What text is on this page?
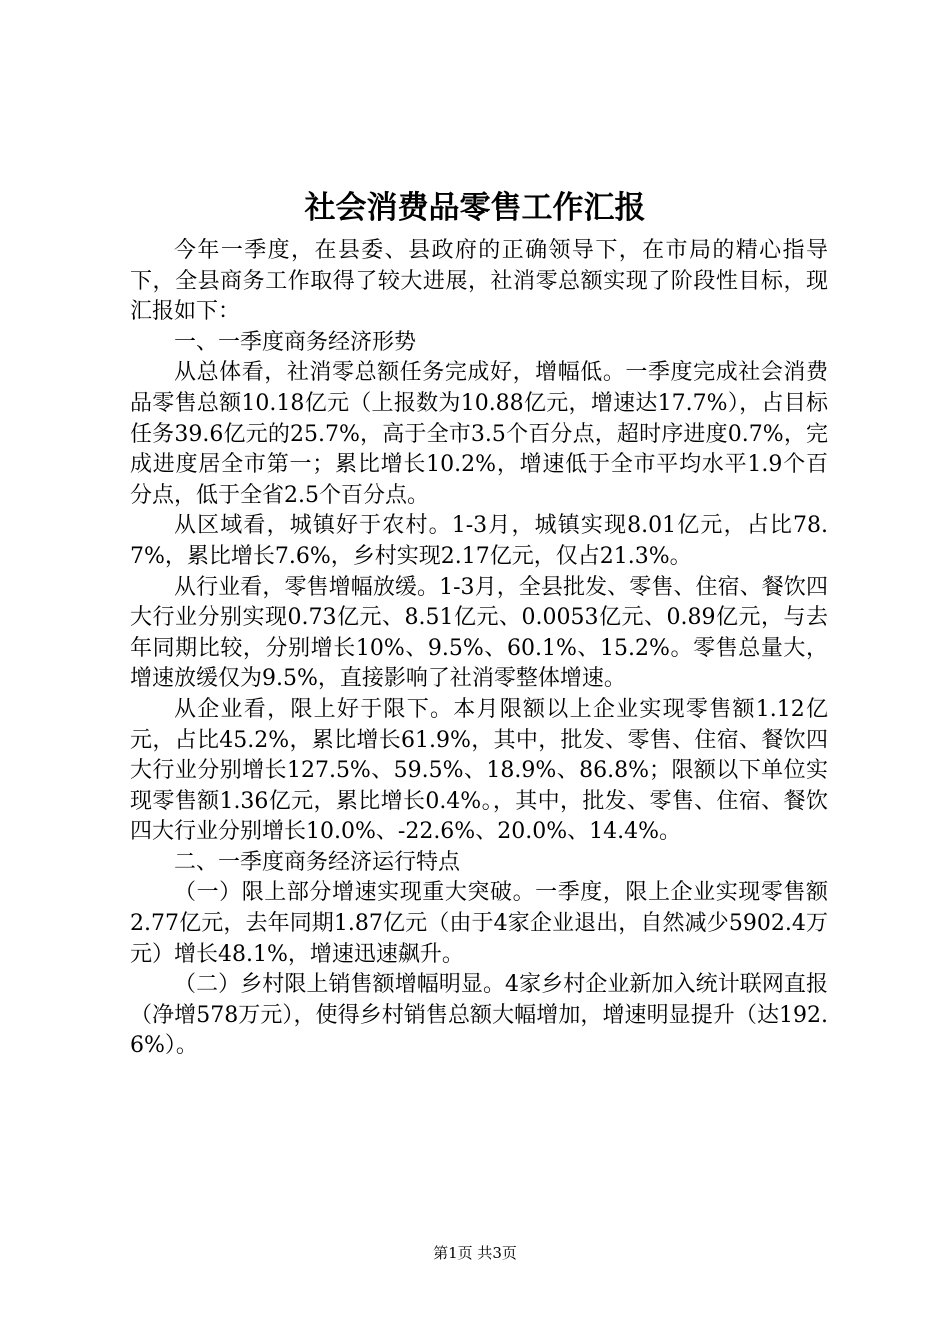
社会消费品零售工作汇报

今年一季度，在县委、县政府的正确领导下，在市局的精心指导下，全县商务工作取得了较大进展，社消零总额实现了阶段性目标，现汇报如下：

一、一季度商务经济形势

从总体看，社消零总额任务完成好，增幅低。一季度完成社会消费品零售总额10.18亿元（上报数为10.88亿元，增速达17.7%），占目标任务39.6亿元的25.7%，高于全市3.5个百分点，超时序进度0.7%，完成进度居全市第一；累比增长10.2%，增速低于全市平均水平1.9个百分点，低于全省2.5个百分点。

从区域看，城镇好于农村。1-3月，城镇实现8.01亿元，占比78.7%，累比增长7.6%，乡村实现2.17亿元，仅占21.3%。

从行业看，零售增幅放缓。1-3月，全县批发、零售、住宿、餐饮四大行业分别实现0.73亿元、8.51亿元、0.0053亿元、0.89亿元，与去年同期比较，分别增长10%、9.5%、60.1%、15.2%。零售总量大，增速放缓仅为9.5%，直接影响了社消零整体增速。

从企业看，限上好于限下。本月限额以上企业实现零售额1.12亿元，占比45.2%，累比增长61.9%，其中，批发、零售、住宿、餐饮四大行业分别增长127.5%、59.5%、18.9%、86.8%；限额以下单位实现零售额1.36亿元，累比增长0.4%。，其中，批发、零售、住宿、餐饮四大行业分别增长10.0%、-22.6%、20.0%、14.4%。

二、一季度商务经济运行特点

（一）限上部分增速实现重大突破。一季度，限上企业实现零售额2.77亿元，去年同期1.87亿元（由于4家企业退出，自然减少5902.4万元）增长48.1%，增速迅速飙升。

（二）乡村限上销售额增幅明显。4家乡村企业新加入统计联网直报（净增578万元），使得乡村销售总额大幅增加，增速明显提升（达192.6%）。

第1页 共3页
